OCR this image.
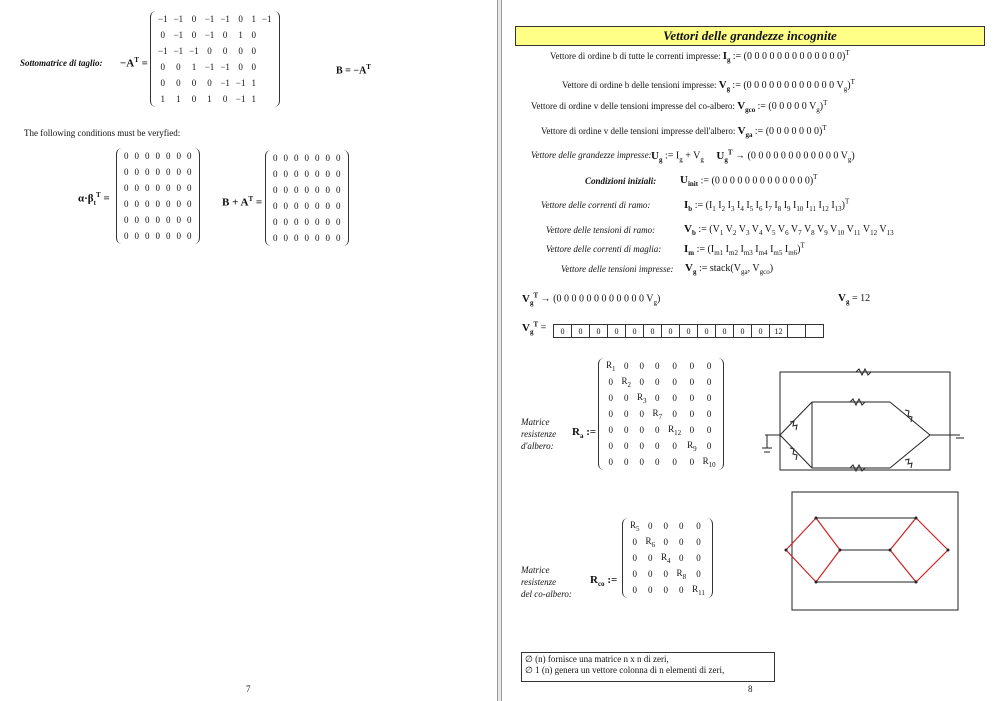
Sottomatrice di taglio: $-A^T$ =
−1	−1	0	−1	−1	0	1	−1
0	−1	0	−1	0	1	0	
−1	−1	−1	0	0	0	0	
0	0	1	−1	−1	0	0	
0	0	0	0	−1	−1	1	
1	1	0	1	0	−1	1	
$B = -A^T$
The following conditions must be veryfied:
$\alpha\cdot\beta_t^T$ =
0	0	0	0	0	0	0
0	0	0	0	0	0	0
0	0	0	0	0	0	0
0	0	0	0	0	0	0
0	0	0	0	0	0	0
0	0	0	0	0	0	0
$B + A^T$ =
0	0	0	0	0	0	0
0	0	0	0	0	0	0
0	0	0	0	0	0	0
0	0	0	0	0	0	0
0	0	0	0	0	0	0
0	0	0	0	0	0	0
7
Vettori delle grandezze incognite
Vettore di ordine b di tutte le correnti impresse: $I_g$ := (0 0 0 0 0 0 0 0 0 0 0 0 0)$^T$
Vettore di ordine b delle tensioni impresse: $V_g$ := (0 0 0 0 0 0 0 0 0 0 0 0 $V_g)^T$
Vettore di ordine v delle tensioni impresse del co-albero: $V_{gco}$ := (0 0 0 0 0 $V_g)^T$
Vettore di ordine v delle tensioni impresse dell'albero: $V_{ga}$ := (0 0 0 0 0 0 0)$^T$
Vettore delle grandezze impresse: $U_g$ := $I_g + V_g$ $U_g^T \to (0$ 0 0 0 0 0 0 0 0 0 0 0 $V_g$)
Condizioni iniziali: $U_{init}$ := (0 0 0 0 0 0 0 0 0 0 0 0 0)$^T$
Vettore delle correnti di ramo:	$I_b$ := ($I_1$ $I_2$ $I_3$ $I_4$ $I_5$ $I_6$ $I_7$ $I_8$ $I_9$ $I_{10}$ $I_{11}$ $I_{12}$ $I_{13})^T$
Vettore delle tensioni di ramo:	$V_b$ := ($V_1$ $V_2$ $V_3$ $V_4$ $V_5$ $V_6$ $V_7$ $V_8$ $V_9$ $V_{10}$ $V_{11}$ $V_{12}$ $V_{13}$
Vettore delle correnti di maglia: $I_m$ := ($I_{m1}$ $I_{m2}$ $I_{m3}$ $I_{m4}$ $I_{m5}$ $I_{m6})^T$
Vettore delle tensioni impresse: $V_g$ := $stack(V_{ga}$, $V_{gco}$)
$V_g^T \to (0$ 0 0 0 0 0 0 0 0 0 0 0 $V_g$)	$V_g = 12$
$V_g^T = 0$	0	0	0	0	0	0	0	0	0	0	0	12		
Matrice
resistenze
d'albero:
$R_a$ :=
$R_1$	0	0	0	0	0	0
0	$R_2$	0	0	0	0	0
0	0	$R_3$	0	0	0	0
0	0	0	$R_7$	0	0	0
0	0	0	0	$R_{12}$	0	0
0	0	0	0	0	$R_9$	0
0	0	0	0	0	0	$R_{10}$
Matrice
resistenze
del co-albero:
$R_{co}$ :=
$R_5$	0	0	0	0
0	$R_6$	0	0	0
0	0	$R_4$	0	0
0	0	0	$R_8$	0
0	0	0	0	$R_{11}$
∅ (n) fornisce una matrice n x n di zeri,
∅ 1 (n) genera un vettore colonna di n elementi di zeri,
8
